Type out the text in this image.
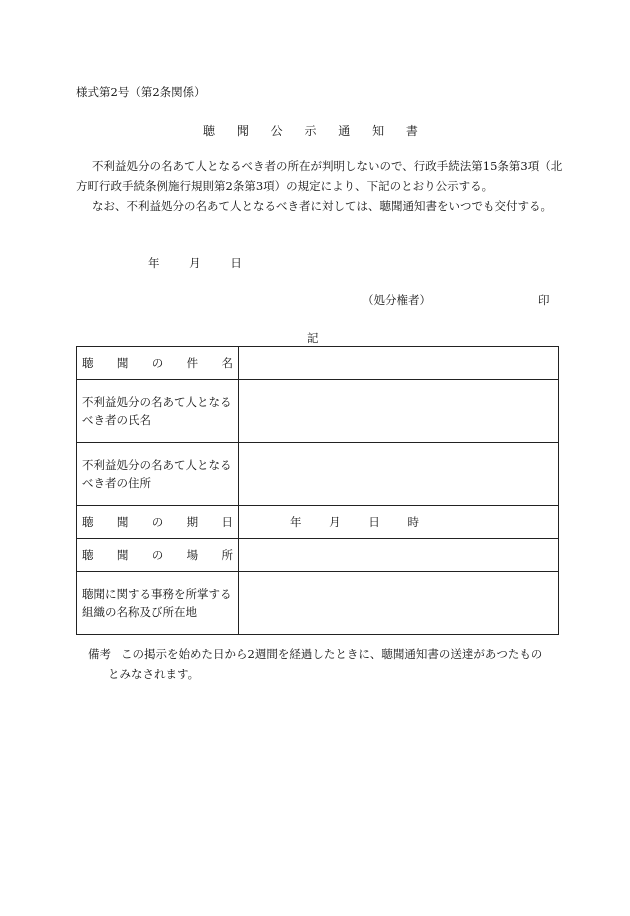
様式第2号（第2条関係）
聴 聞 公 示 通 知 書
不利益処分の名あて人となるべき者の所在が判明しないので、行政手続法第15条第3項（北方町行政手続条例施行規則第2条第3項）の規定により、下記のとおり公示する。
なお、不利益処分の名あて人となるべき者に対しては、聴聞通知書をいつでも交付する。
年	月	日
（処分権者）	印
記
聴 聞 の 件 名	

不利益処分の名あて人となるべき者の氏名	
不利益処分の名あて人となるべき者の住所	

聴 聞 の 期 日	年 月 日 時

聴 聞 の 場 所	

聴聞に関する事務を所掌する組織の名称及び所在地	
備考 この掲示を始めた日から2週間を経過したときに、聴聞通知書の送達があつたもの
とみなされます。
